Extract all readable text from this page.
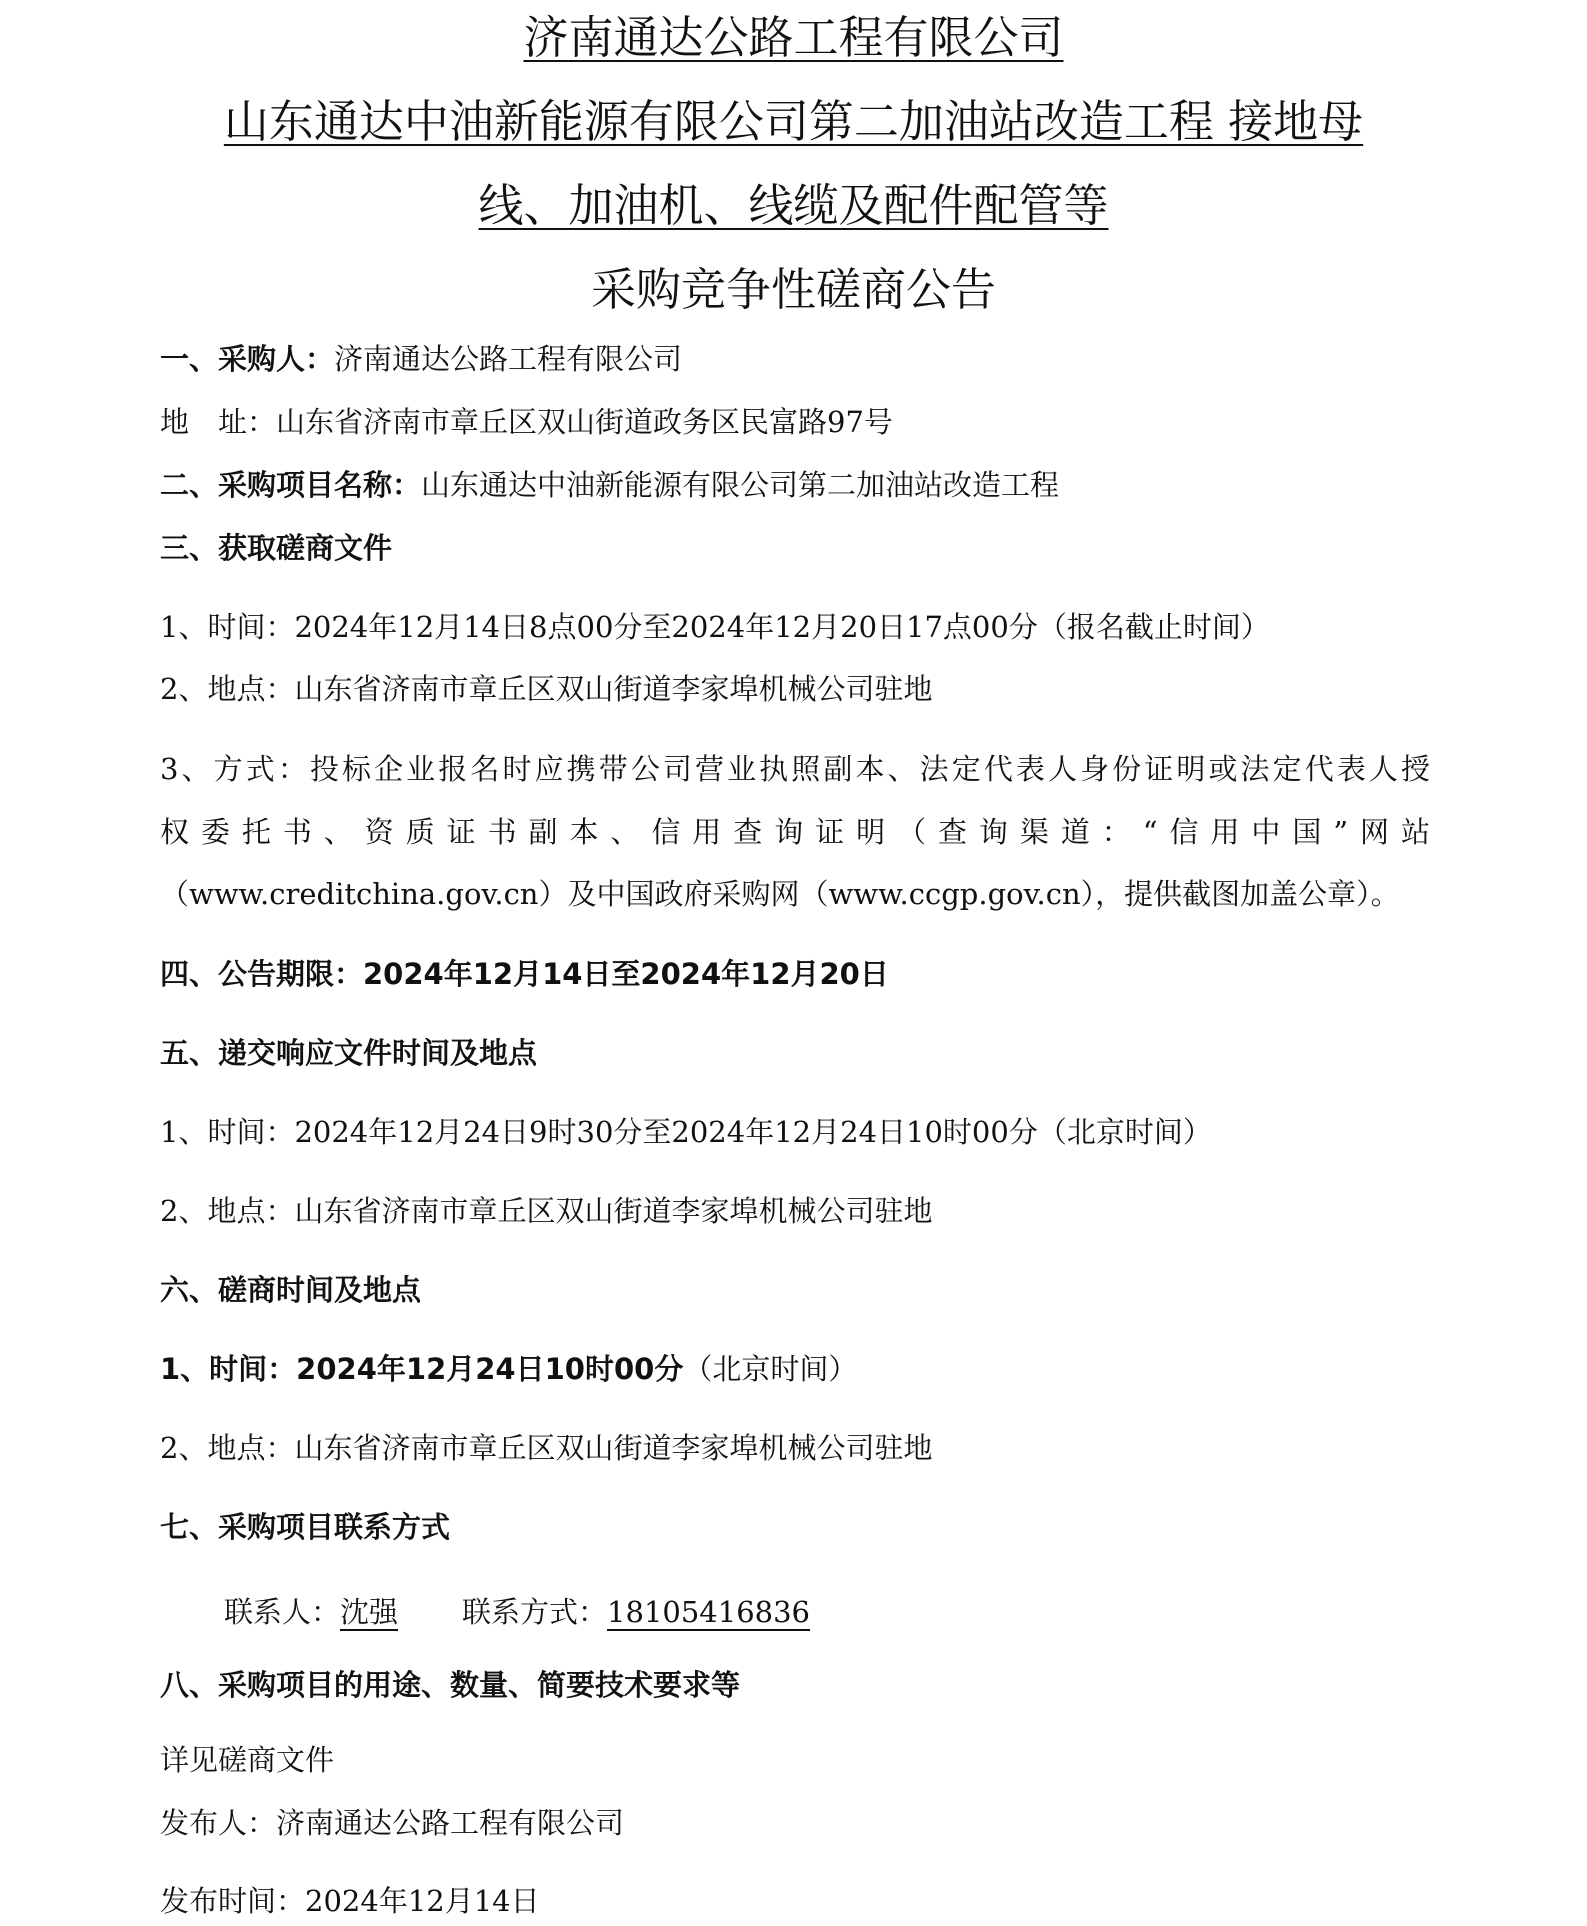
济南通达公路工程有限公司
山东通达中油新能源有限公司第二加油站改造工程 接地母
线、加油机、线缆及配件配管等
采购竞争性磋商公告
一、采购人：济南通达公路工程有限公司
地　址：山东省济南市章丘区双山街道政务区民富路97号
二、采购项目名称：山东通达中油新能源有限公司第二加油站改造工程
三、获取磋商文件
1、时间：2024年12月14日8点00分至2024年12月20日17点00分（报名截止时间）
2、地点：山东省济南市章丘区双山街道李家埠机械公司驻地
3、方式：投标企业报名时应携带公司营业执照副本、法定代表人身份证明或法定代表人授
权委托书、资质证书副本、信用查询证明（查询渠道：“信用中国”网站
（www.creditchina.gov.cn）及中国政府采购网（www.ccgp.gov.cn），提供截图加盖公章）。
四、公告期限：2024年12月14日至2024年12月20日
五、递交响应文件时间及地点
1、时间：2024年12月24日9时30分至2024年12月24日10时00分（北京时间）
2、地点：山东省济南市章丘区双山街道李家埠机械公司驻地
六、磋商时间及地点
1、时间：2024年12月24日10时00分（北京时间）
2、地点：山东省济南市章丘区双山街道李家埠机械公司驻地
七、采购项目联系方式
联系人：沈强 联系方式：18105416836
八、采购项目的用途、数量、简要技术要求等
详见磋商文件
发布人：济南通达公路工程有限公司
发布时间：2024年12月14日
